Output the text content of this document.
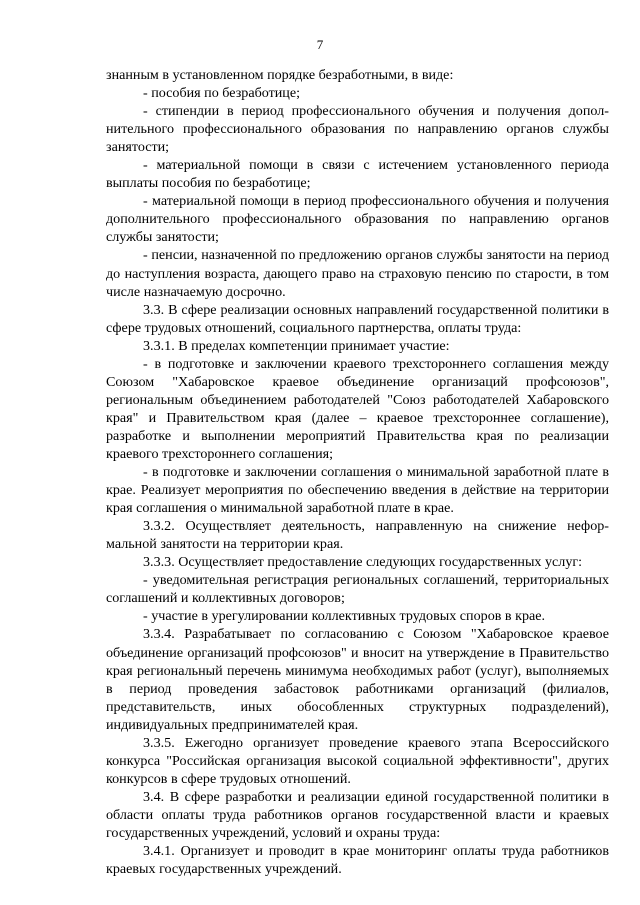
7

знанным в установленном порядке безработными, в виде:

- пособия по безработице;

- стипендии в период профессионального обучения и получения дополнительного профессионального образования по направлению органов службы занятости;

- материальной помощи в связи с истечением установленного периода выплаты пособия по безработице;

- материальной помощи в период профессионального обучения и получения дополнительного профессионального образования по направлению органов службы занятости;

- пенсии, назначенной по предложению органов службы занятости на период до наступления возраста, дающего право на страховую пенсию по старости, в том числе назначаемую досрочно.

3.3. В сфере реализации основных направлений государственной политики в сфере трудовых отношений, социального партнерства, оплаты труда:

3.3.1. В пределах компетенции принимает участие:

- в подготовке и заключении краевого трехстороннего соглашения между Союзом "Хабаровское краевое объединение организаций профсоюзов", региональным объединением работодателей "Союз работодателей Хабаровского края" и Правительством края (далее – краевое трехстороннее соглашение), разработке и выполнении мероприятий Правительства края по реализации краевого трехстороннего соглашения;

- в подготовке и заключении соглашения о минимальной заработной плате в крае. Реализует мероприятия по обеспечению введения в действие на территории края соглашения о минимальной заработной плате в крае.

3.3.2. Осуществляет деятельность, направленную на снижение неформальной занятости на территории края.

3.3.3. Осуществляет предоставление следующих государственных услуг:

- уведомительная регистрация региональных соглашений, территориальных соглашений и коллективных договоров;

- участие в урегулировании коллективных трудовых споров в крае.

3.3.4. Разрабатывает по согласованию с Союзом "Хабаровское краевое объединение организаций профсоюзов" и вносит на утверждение в Правительство края региональный перечень минимума необходимых работ (услуг), выполняемых в период проведения забастовок работниками организаций (филиалов, представительств, иных обособленных структурных подразделений), индивидуальных предпринимателей края.

3.3.5. Ежегодно организует проведение краевого этапа Всероссийского конкурса "Российская организация высокой социальной эффективности", других конкурсов в сфере трудовых отношений.

3.4. В сфере разработки и реализации единой государственной политики в области оплаты труда работников органов государственной власти и краевых государственных учреждений, условий и охраны труда:

3.4.1. Организует и проводит в крае мониторинг оплаты труда работников краевых государственных учреждений.
